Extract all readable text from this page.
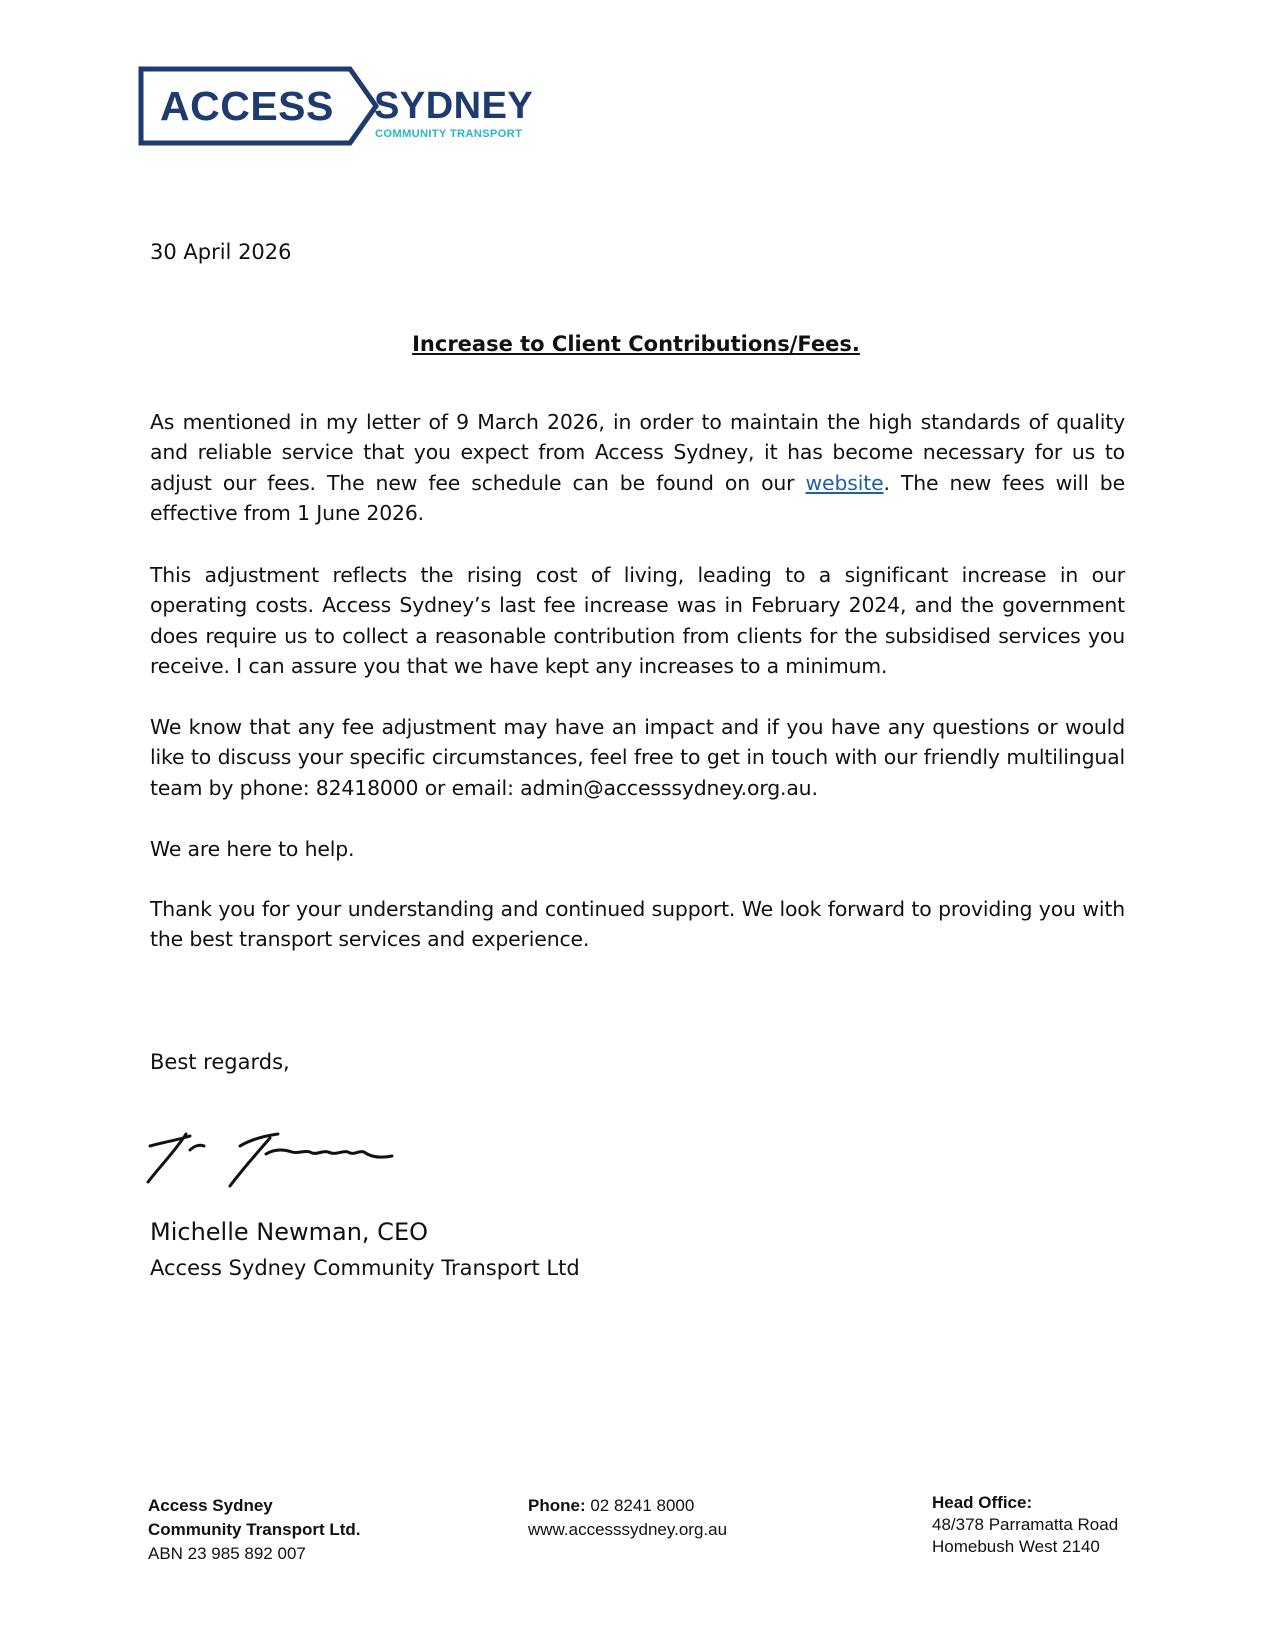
ACCESS SYDNEY
COMMUNITY TRANSPORT
30 April 2026
Increase to Client Contributions/Fees.

As mentioned in my letter of 9 March 2026, in order to maintain the high standards of quality and reliable service that you expect from Access Sydney, it has become necessary for us to adjust our fees. The new fee schedule can be found on our website. The new fees will be effective from 1 June 2026.

This adjustment reflects the rising cost of living, leading to a significant increase in our operating costs. Access Sydney’s last fee increase was in February 2024, and the government does require us to collect a reasonable contribution from clients for the subsidised services you receive. I can assure you that we have kept any increases to a minimum.

We know that any fee adjustment may have an impact and if you have any questions or would like to discuss your specific circumstances, feel free to get in touch with our friendly multilingual team by phone: 82418000 or email: admin@accesssydney.org.au.

We are here to help.

Thank you for your understanding and continued support. We look forward to providing you with the best transport services and experience.

Best regards,
Michelle Newman, CEO
Access Sydney Community Transport Ltd
Access Sydney
Community Transport Ltd.
ABN 23 985 892 007
Phone: 02 8241 8000
www.accesssydney.org.au
Head Office:
48/378 Parramatta Road
Homebush West 2140
